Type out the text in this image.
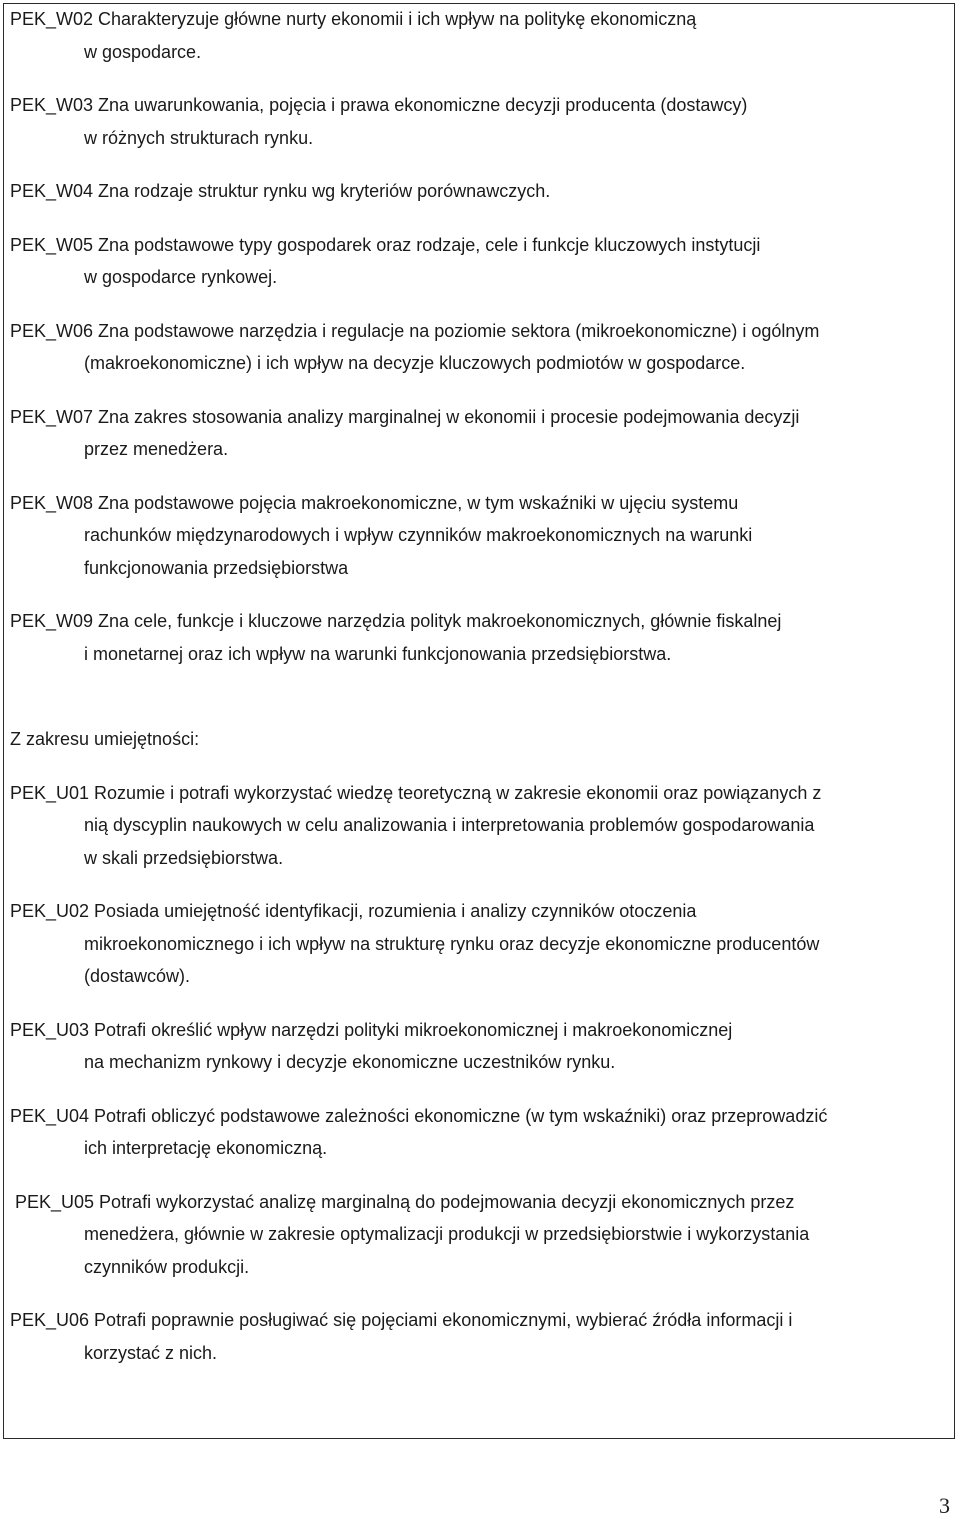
PEK_W02 Charakteryzuje główne nurty ekonomii i ich wpływ na politykę ekonomiczną
w gospodarce.

PEK_W03 Zna uwarunkowania, pojęcia i prawa ekonomiczne decyzji producenta (dostawcy)
w różnych strukturach rynku.

PEK_W04 Zna rodzaje struktur rynku wg kryteriów porównawczych.

PEK_W05 Zna podstawowe typy gospodarek oraz rodzaje, cele i funkcje kluczowych instytucji
w gospodarce rynkowej.

PEK_W06 Zna podstawowe narzędzia i regulacje na poziomie sektora (mikroekonomiczne) i ogólnym
(makroekonomiczne) i ich wpływ na decyzje kluczowych podmiotów w gospodarce.

PEK_W07 Zna zakres stosowania analizy marginalnej w ekonomii i procesie podejmowania decyzji
przez menedżera.

PEK_W08 Zna podstawowe pojęcia makroekonomiczne, w tym wskaźniki w ujęciu systemu
rachunków międzynarodowych i wpływ czynników makroekonomicznych na warunki
funkcjonowania przedsiębiorstwa

PEK_W09 Zna cele, funkcje i kluczowe narzędzia polityk makroekonomicznych, głównie fiskalnej
i monetarnej oraz ich wpływ na warunki funkcjonowania przedsiębiorstwa.

Z zakresu umiejętności:

PEK_U01 Rozumie i potrafi wykorzystać wiedzę teoretyczną w zakresie ekonomii oraz powiązanych z
nią dyscyplin naukowych w celu analizowania i interpretowania problemów gospodarowania
w skali przedsiębiorstwa.

PEK_U02 Posiada umiejętność identyfikacji, rozumienia i analizy czynników otoczenia
mikroekonomicznego i ich wpływ na strukturę rynku oraz decyzje ekonomiczne producentów
(dostawców).

PEK_U03 Potrafi określić wpływ narzędzi polityki mikroekonomicznej i makroekonomicznej
na mechanizm rynkowy i decyzje ekonomiczne uczestników rynku.

PEK_U04 Potrafi obliczyć podstawowe zależności ekonomiczne (w tym wskaźniki) oraz przeprowadzić
ich interpretację ekonomiczną.

PEK_U05 Potrafi wykorzystać analizę marginalną do podejmowania decyzji ekonomicznych przez
menedżera, głównie w zakresie optymalizacji produkcji w przedsiębiorstwie i wykorzystania
czynników produkcji.

PEK_U06 Potrafi poprawnie posługiwać się pojęciami ekonomicznymi, wybierać źródła informacji i
korzystać z nich.

3
